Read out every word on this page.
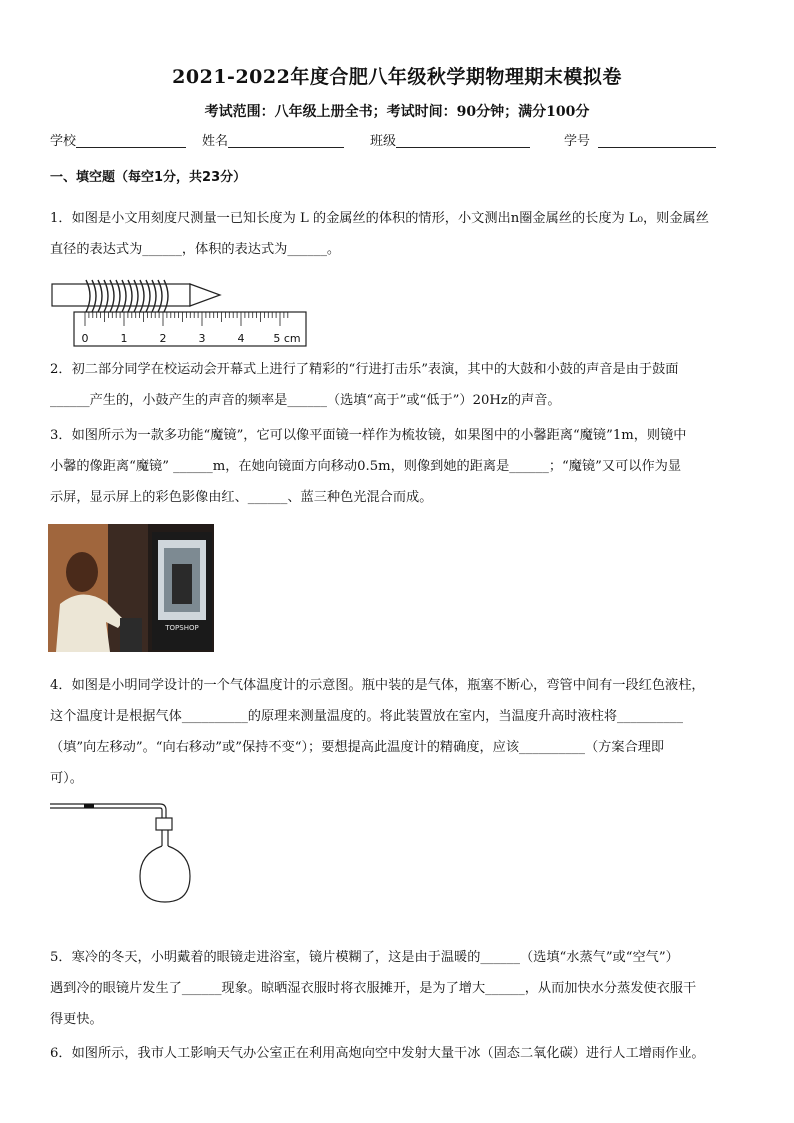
2021-2022年度合肥八年级秋学期物理期末模拟卷
考试范围：八年级上册全书；考试时间：90分钟；满分100分
学校	姓名	班级	学号
一、填空题（每空1分，共23分）
1．如图是小文用刻度尺测量一已知长度为 L 的金属丝的体积的情形，小文测出n圈金属丝的长度为 L₀，则金属丝
直径的表达式为______，体积的表达式为______。
0	1	2	3	4	5 cm
2．初二部分同学在校运动会开幕式上进行了精彩的“行进打击乐”表演，其中的大鼓和小鼓的声音是由于鼓面
______产生的，小鼓产生的声音的频率是______（选填“高于”或“低于”）20Hz的声音。
3．如图所示为一款多功能“魔镜”，它可以像平面镜一样作为梳妆镜，如果图中的小馨距离“魔镜”1m，则镜中
小馨的像距离“魔镜” ______m，在她向镜面方向移动0.5m，则像到她的距离是______；“魔镜”又可以作为显
示屏，显示屏上的彩色影像由红、______、蓝三种色光混合而成。
TOPSHOP
4．如图是小明同学设计的一个气体温度计的示意图。瓶中装的是气体，瓶塞不断心，弯管中间有一段红色液柱，
这个温度计是根据气体__________的原理来测量温度的。将此装置放在室内，当温度升高时液柱将__________
（填”向左移动”。“向右移动”或”保持不变“）；要想提高此温度计的精确度，应该__________（方案合理即
可）。
5．寒冷的冬天，小明戴着的眼镜走进浴室，镜片模糊了，这是由于温暖的______（选填“水蒸气”或“空气”）
遇到冷的眼镜片发生了______现象。晾晒湿衣服时将衣服摊开，是为了增大______，从而加快水分蒸发使衣服干
得更快。
6．如图所示，我市人工影响天气办公室正在利用高炮向空中发射大量干冰（固态二氧化碳）进行人工增雨作业。
